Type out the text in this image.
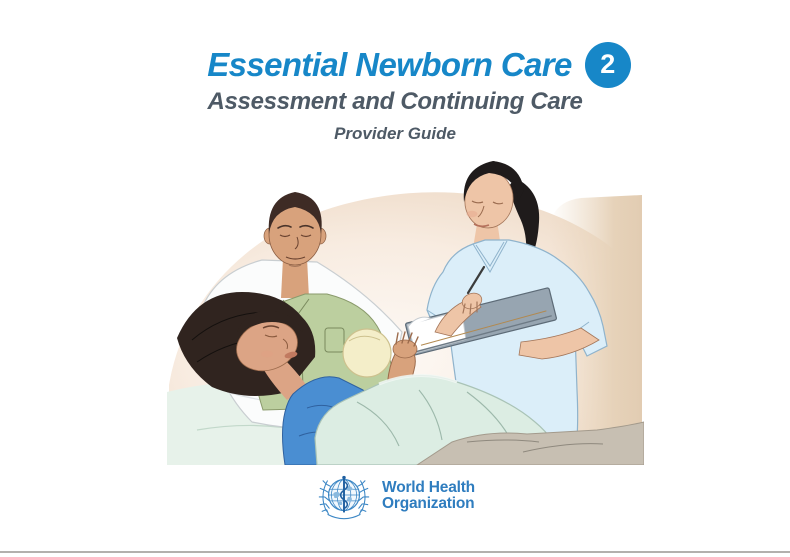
Essential Newborn Care	2
Assessment and Continuing Care
Provider Guide
World Health
Organization
